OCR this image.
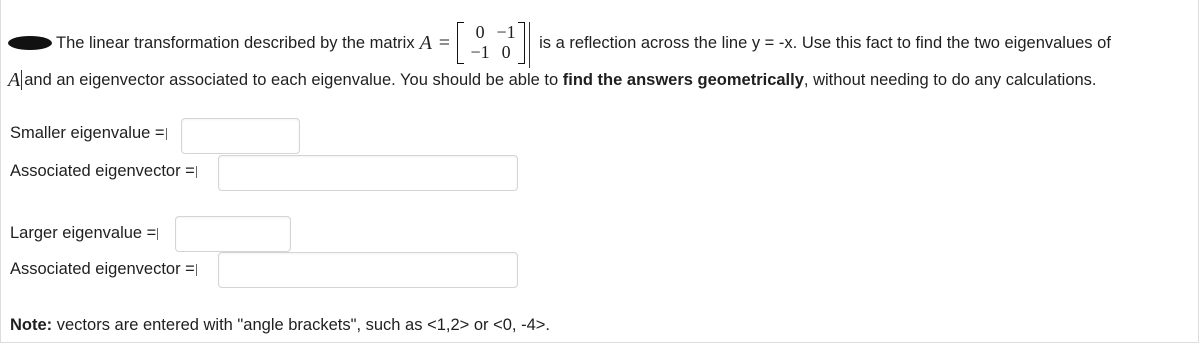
The linear transformation described by the matrix A =	0 −1
−1 0	is a reflection across the line y = -x. Use this fact to find the two eigenvalues of
A and an eigenvector associated to each eigenvalue. You should be able to find the answers geometrically, without needing to do any calculations.
Smaller eigenvalue =
Associated eigenvector =
Larger eigenvalue =
Associated eigenvector =
Note: vectors are entered with "angle brackets", such as <1,2> or <0, -4>.
